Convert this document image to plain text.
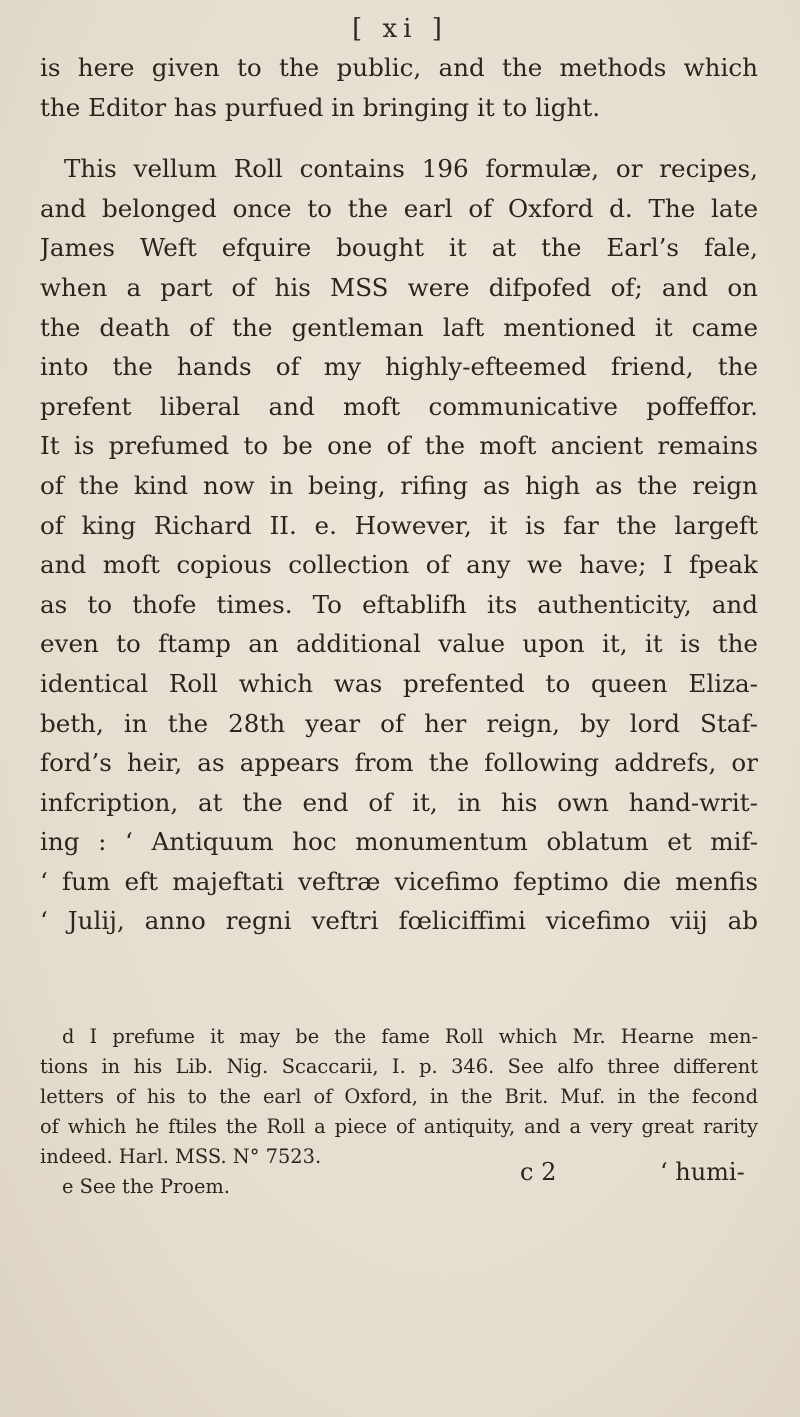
[ xi ]
is here given to the public, and the methods which
the Editor has purfued in bringing it to light.
This vellum Roll contains 196 formulæ, or recipes,
and belonged once to the earl of Oxford d. The late
James Weft efquire bought it at the Earl’s fale,
when a part of his MSS were difpofed of; and on
the death of the gentleman laft mentioned it came
into the hands of my highly-efteemed friend, the
prefent liberal and moft communicative poffeffor.
It is prefumed to be one of the moft ancient remains
of the kind now in being, rifing as high as the reign
of king Richard II. e. However, it is far the largeft
and moft copious collection of any we have; I fpeak
as to thofe times. To eftablifh its authenticity, and
even to ftamp an additional value upon it, it is the
identical Roll which was prefented to queen Eliza-
beth, in the 28th year of her reign, by lord Staf-
ford’s heir, as appears from the following addrefs, or
infcription, at the end of it, in his own hand-writ-
ing : ‘ Antiquum hoc monumentum oblatum et mif-
‘ fum eft majeftati veftræ vicefimo feptimo die menfis
‘ Julij, anno regni veftri fœliciffimi vicefimo viij ab
d I prefume it may be the fame Roll which Mr. Hearne men-
tions in his Lib. Nig. Scaccarii, I. p. 346. See alfo three different
letters of his to the earl of Oxford, in the Brit. Muf. in the fecond
of which he ftiles the Roll a piece of antiquity, and a very great rarity
indeed. Harl. MSS. N° 7523.
e See the Proem.
c 2	‘ humi-
